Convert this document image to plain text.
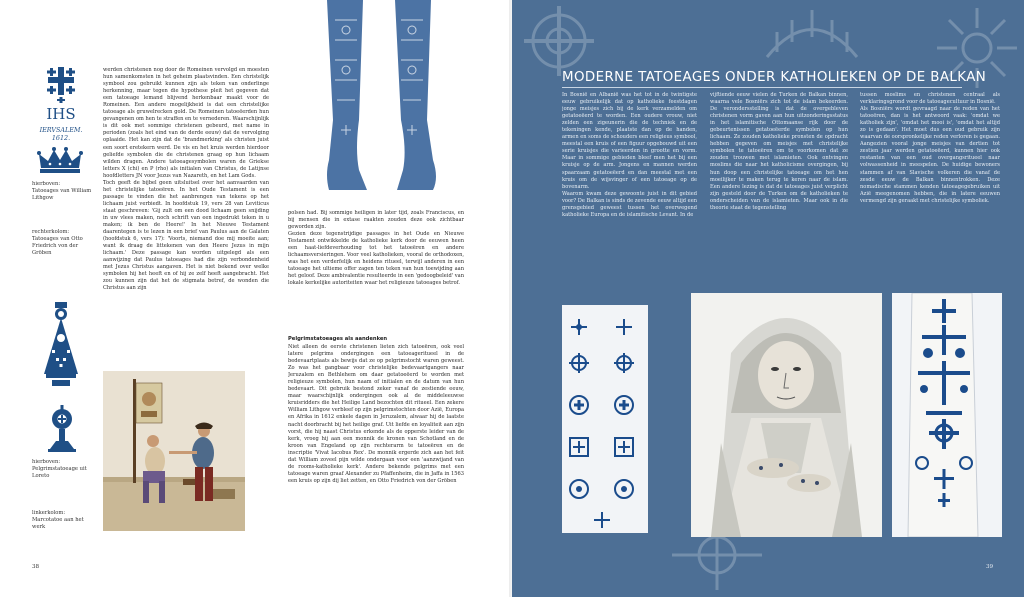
IHS
IERVSALEM.
1612.
hierboven:
Tatoeages van William Lithgow
rechterkolom:
Tatoeages van Otto Friedrich von der Gröben
hierboven:
Pelgrimstatoeage uit Loreto
linkerkolom:
Marcotatoe aan het werk
werden christenen nog door de Romeinen vervolgd en moesten hun samenkomsten in het geheim plaatsvinden. Een christelijk symbool zou gebruikt kunnen zijn als teken van onderlinge herkenning, maar tegen die hypothese pleit het gegeven dat een tatoeage lemand blijvend herkenbaar maakt voor de Romeinen. Een andere mogelijkheid is dat een christelijke tatoeage als gruwelrecken gold. De Romeinen tatoeëerden hun gevangenen om hen te straffen en te vernederen. Waarschijnlijk is dit ook met sommige christenen gebeurd, met name in perioden (zoals het eind van de derde eeuw) dat de vervolging oplaaide. Het kan zijn dat de 'brandmerking' als christen juist een soort eretekern werd. De vis en het kruis werden hierdoor geliefde symbolen die de christenen graag op hun lichaam wilden dragen. Andere tatoeagesymbolen waren de Griekse letters X (chi) en P (rho) als initialen van Christus, de Latijnse hoofdletters JN voor Jezus van Nazareth, en het Lam Gods.
Toch geeft de bijbel geen uitsluitsel over het aanvaarden van het christelijke tatoeëren. In het Oude Testament is een passage te vinden die het aanbrengen van tekens op het lichaam juist verbiedt. In hoofdstuk 19, vers 28 van Leviticus staat geschreven: 'Gij zult om een dood lichaam geen snijding in uw vlees maken, noch schrift van een ingedrukt teken in u maken; ik ben de Heere!' In het Nieuwe Testament daarentegen is te lezen in een brief van Paulus aan de Galaten (hoofdstuk 6, vers 17): 'Voorts, niemand doe mij moeite aan; want ik draag de littekenen van den Heere Jezus in mijn lichaam.' Deze passage kan worden uitgelegd als een aanwijzing dat Paulus tatoeages had die zijn verbondenheid met Jezus Christus aangaven. Het is niet bekend over welke symbolen hij het heeft en of hij ze zelf heeft aangebracht. Het zou kunnen zijn dat het de stigmata betref, de wonden die Christus aan zijn
polsen had. Bij sommige heiligen in later tijd, zoals Franciscus, en bij mensen die in extase raakten zouden deze ook zichtbaar geworden zijn.
Gezien deze tegenstrijdige passages in het Oude en Nieuwe Testament ontwikkelde de katholieke kerk door de eeuwen heen een haat-liefdeverhouding tot het tatoeëren en andere lichaamsversieringen. Voor veel katholieken, vooral de orthodoxen, was het een verderfelijk en heidens ritueel, terwijl anderen in een tatoeage het ultieme offer zagen ten teken van hun toewijding aan het geloof. Deze ambivalentie resulteerde in een 'gedoogbeleid' van lokale kerkelijke autoriteiten waar het religieuze tatoeages betrof.
Pelgrimstatoeages als aandenken
Niet alleen de eerste christenen lieten zich tatoeëren, ook veel latere pelgrims ondergingen een tatoeageritueel in de bedevaartplaats als bewijs dat ze op pelgrimstocht waren geweest. Zo was het gangbaar voor christelijke bedevaartgangers naar Jeruzalem en Bethlehem om daar getatoeëerd te worden met religieuze symbolen, hun naam of initialen en de datum van hun bedevaart. Dit gebruik bestond zeker vanaf de zestiende eeuw, maar waarschijnlijk ondergingen ook al de middeleeuwse kruisridders die het Heilige Land bezochten dit ritueel. Een zekere William Lithgow verbleef op zijn pelgrimstochten door Azië, Europa en Afrika in 1612 enkele dagen in Jeruzalem, alwaar hij de laatste nacht doorbracht bij het heilige graf. Uit liefde en loyaliteit aan zijn vorst, die hij naast Christus erkende als de opperste leider van de kerk, vroeg hij aan een monnik de kronen van Schotland en de kroon van Engeland op zijn rechterarm te tatoeëren en de inscriptie 'Vivat Iacobus Rex'. De monnik ergerde zich aan het feit dat William zoveel pijn wilde ondergaan voor een 'aanzwijand van de rooms-katholieke kerk'. Andere bekende pelgrims met een tatoeage waren graaf Alexander zu Pfaffenheim, die in Jaffa in 1563 een kruis op zijn dij liet zetten, en Otto Friedrich von der Gröben
38
In Bosnië en Albanië was het tot in de twintigste eeuw gebruikelijk dat op katholieke feestdagen jonge meisjes zich bij de kerk verzamelden om getatoeëerd te worden. Een oudere vrouw, niet zelden een zigeunerin die de techniek en de tekeningen kende, plaatste dan op de handen, armen en soms de schouders een religieus symbool, meestal een kruis of een figuur opgebouwd uit een serie kruisjes die varieerden in grootte en vorm. Maar in sommige gebieden bleef men het bij een kruisje op de arm. Jongens en mannen werden spaarzaam getatoeëerd en dan meestal met een kruis om de wijsvinger of een tatoeage op de bovenarm.
Waarom kwam deze gewoonte juist in dit gebied voor? De Balkan is sinds de zevende eeuw altijd een grensgebied geweest tussen het overwegend katholieke Europa en de islamitische Levant. In de
vijftiende eeuw vielen de Turken de Balkan binnen, waarna vele Bosniërs zich tot de islam bekeerden. De verondersstelling is dat de overgebleven christenen vorm gaven aan hun uitzonderingsstatus in het islamitische Ottomaanse rijk door de gebeurtenissen getatoeëerde symbolen op hun lichaam. Ze zouden katholieke pronsten de opdracht hebben gegeven om meisjes met christelijke symbolen te tatoeëren om te voorkomen dat ze zouden trouwen met islamieten. Ook ontvingen moslims die naar het katholicisme overgingen, bij hun doop een christelijke tatoeage om het hen moeilijker te maken terug te keren naar de islam. Een andere lezing is dat de tatoeages juist verplicht zijn gesteld door de Turken om de katholieken te onderscheiden van de islamieten. Maar ook in die theorie staat de tegenstelling
tussen moslims en christenen centraal als verklaringsgrond voor de tatoeagecultuur in Bosnië.
Als Bosniërs wordt gevraagd naar de reden van het tatoeëren, dan is het antwoord vaak: 'omdat we katholiek zijn', 'omdat het mooi is', 'omdat het altijd zo is gedaan'. Het moet dus een oud gebruik zijn waarvan de oorspronkelijke reden verloren is gegaan. Aangezien vooral jonge meisjes van dertien tot zestien jaar werden getatoeëerd, kunnen hier ook restanten van een oud overgangsritueel naar volwassenheid in meespelen. De huidige bewoners stammen af van Slavische volkeren die vanaf de zesde eeuw de Balkan binnentrokken. Deze nomadische stammen kenden tatoeagegebruiken uit Azië meegenomen hebben, die in latere eeuwen vermengd zijn geraakt met christelijke symboliek.
39
MODERNE TATOEAGES ONDER KATHOLIEKEN OP DE BALKAN
